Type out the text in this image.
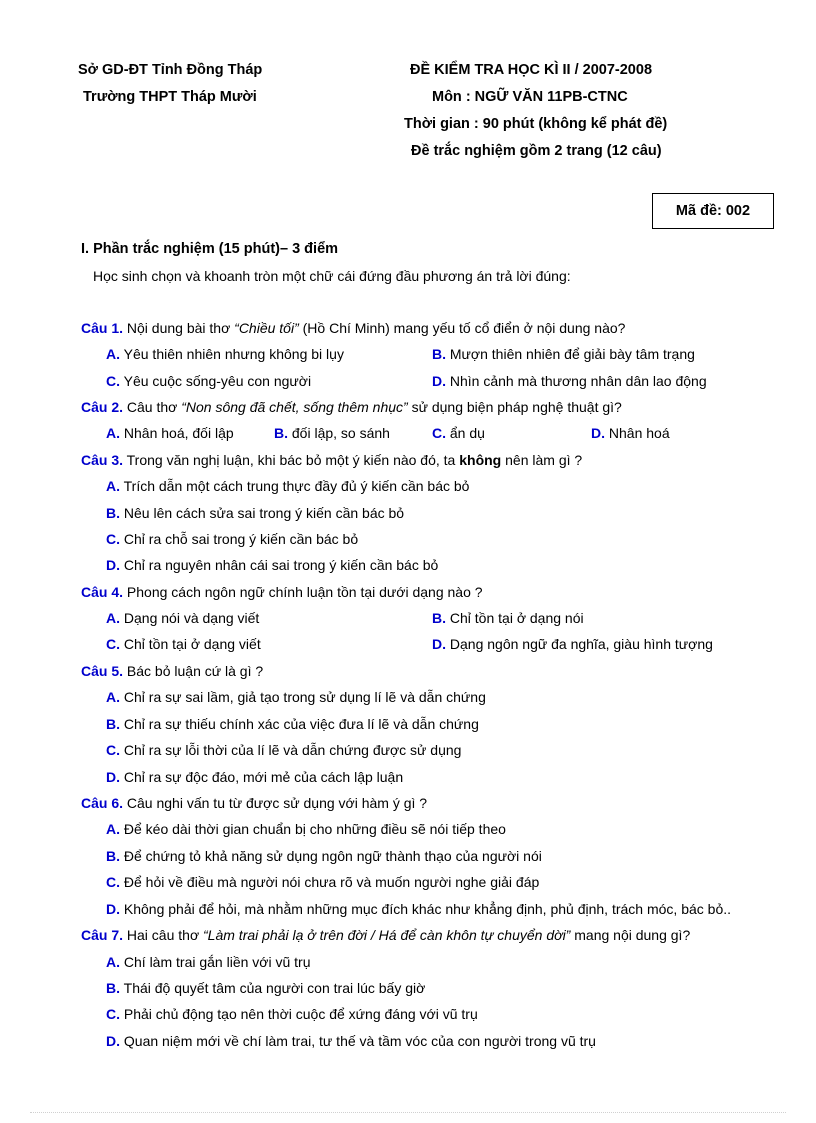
Sở GD-ĐT Tỉnh Đồng Tháp
Trường THPT Tháp Mười
ĐỀ KIỂM TRA HỌC KÌ II / 2007-2008
Môn : NGỮ VĂN 11PB-CTNC
Thời gian : 90 phút (không kể phát đề)
Đề trắc nghiệm gồm 2 trang (12 câu)
Mã đề: 002
I. Phần trắc nghiệm (15 phút)– 3 điểm
Học sinh chọn và khoanh tròn một chữ cái đứng đầu phương án trả lời đúng:
Câu 1. Nội dung bài thơ “Chiều tối” (Hồ Chí Minh) mang yếu tố cổ điển ở nội dung nào?
A. Yêu thiên nhiên nhưng không bi lụy	B. Mượn thiên nhiên để giải bày tâm trạng
C. Yêu cuộc sống-yêu con người	D. Nhìn cảnh mà thương nhân dân lao động
Câu 2. Câu thơ “Non sông đã chết, sống thêm nhục” sử dụng biện pháp nghệ thuật gì?
A. Nhân hoá, đối lập	B. đối lập, so sánh	C. ẩn dụ	D. Nhân hoá
Câu 3. Trong văn nghị luận, khi bác bỏ một ý kiến nào đó, ta không nên làm gì ?
A. Trích dẫn một cách trung thực đầy đủ ý kiến cần bác bỏ
B. Nêu lên cách sửa sai trong ý kiến cần bác bỏ
C. Chỉ ra chỗ sai trong ý kiến cần bác bỏ
D. Chỉ ra nguyên nhân cái sai trong ý kiến cần bác bỏ
Câu 4. Phong cách ngôn ngữ chính luận tồn tại dưới dạng nào ?
A. Dạng nói và dạng viết	B. Chỉ tồn tại ở dạng nói
C. Chỉ tồn tại ở dạng viết	D. Dạng ngôn ngữ đa nghĩa, giàu hình tượng
Câu 5. Bác bỏ luận cứ là gì ?
A. Chỉ ra sự sai lầm, giả tạo trong sử dụng lí lẽ và dẫn chứng
B. Chỉ ra sự thiếu chính xác của việc đưa lí lẽ và dẫn chứng
C. Chỉ ra sự lỗi thời của lí lẽ và dẫn chứng được sử dụng
D. Chỉ ra sự độc đáo, mới mẻ của cách lập luận
Câu 6. Câu nghi vấn tu từ được sử dụng với hàm ý gì ?
A. Để kéo dài thời gian chuẩn bị cho những điều sẽ nói tiếp theo
B. Để chứng tỏ khả năng sử dụng ngôn ngữ thành thạo của người nói
C. Để hỏi về điều mà người nói chưa rõ và muốn người nghe giải đáp
D. Không phải để hỏi, mà nhằm những mục đích khác như khẳng định, phủ định, trách móc, bác bỏ..
Câu 7. Hai câu thơ “Làm trai phải lạ ở trên đời / Há để càn khôn tự chuyển dời” mang nội dung gì?
A. Chí làm trai gắn liền với vũ trụ
B. Thái độ quyết tâm của người con trai lúc bấy giờ
C. Phải chủ động tạo nên thời cuộc để xứng đáng với vũ trụ
D. Quan niệm mới về chí làm trai, tư thế và tầm vóc của con người trong vũ trụ
